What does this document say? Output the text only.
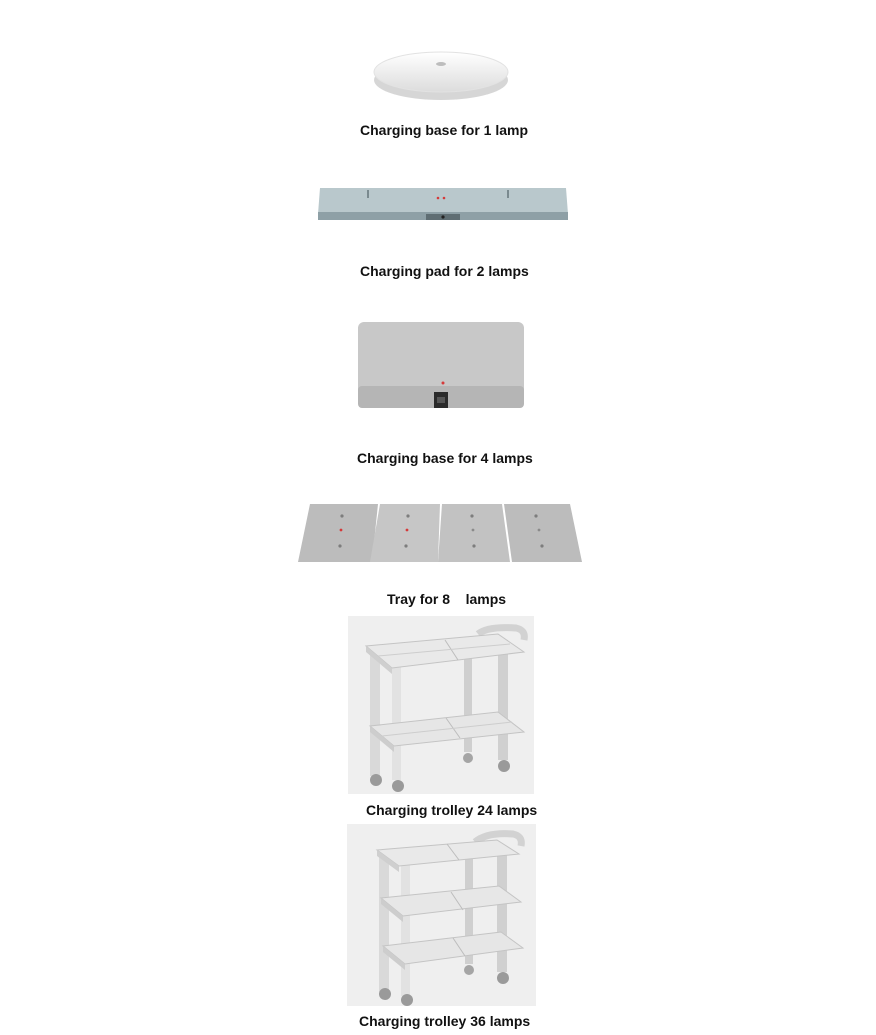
Charging base for 1 lamp
Charging pad for 2 lamps
Charging base for 4 lamps
Tray for 8    lamps
Charging trolley 24 lamps
Charging trolley 36 lamps
